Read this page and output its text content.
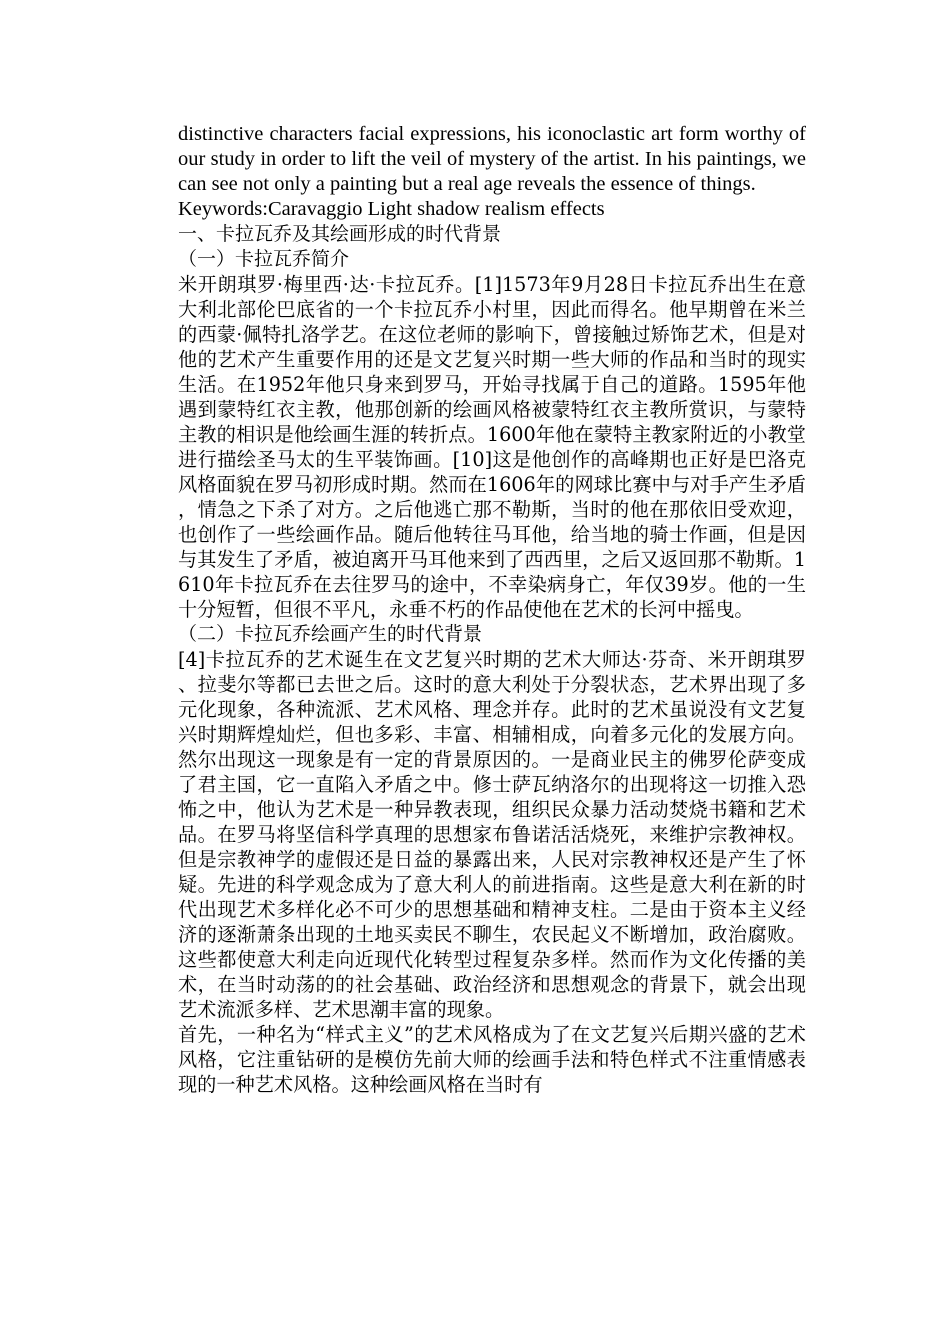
distinctive characters facial expressions, his iconoclastic art form worthy of our study in order to lift the veil of mystery of the artist. In his paintings, we can see not only a painting but a real age reveals the essence of things.

Keywords:Caravaggio Light shadow realism effects

一、卡拉瓦乔及其绘画形成的时代背景

（一）卡拉瓦乔简介

米开朗琪罗·梅里西·达·卡拉瓦乔。[1]1573年9月28日卡拉瓦乔出生在意大利北部伦巴底省的一个卡拉瓦乔小村里，因此而得名。他早期曾在米兰的西蒙·佩特扎洛学艺。在这位老师的影响下，曾接触过矫饰艺术，但是对他的艺术产生重要作用的还是文艺复兴时期一些大师的作品和当时的现实生活。在1952年他只身来到罗马，开始寻找属于自己的道路。1595年他遇到蒙特红衣主教，他那创新的绘画风格被蒙特红衣主教所赏识，与蒙特主教的相识是他绘画生涯的转折点。1600年他在蒙特主教家附近的小教堂进行描绘圣马太的生平装饰画。[10]这是他创作的高峰期也正好是巴洛克风格面貌在罗马初形成时期。然而在1606年的网球比赛中与对手产生矛盾，情急之下杀了对方。之后他逃亡那不勒斯，当时的他在那依旧受欢迎，也创作了一些绘画作品。随后他转往马耳他，给当地的骑士作画，但是因与其发生了矛盾，被迫离开马耳他来到了西西里，之后又返回那不勒斯。1610年卡拉瓦乔在去往罗马的途中，不幸染病身亡，年仅39岁。他的一生十分短暂，但很不平凡，永垂不朽的作品使他在艺术的长河中摇曳。

（二）卡拉瓦乔绘画产生的时代背景

[4]卡拉瓦乔的艺术诞生在文艺复兴时期的艺术大师达·芬奇、米开朗琪罗、拉斐尔等都已去世之后。这时的意大利处于分裂状态，艺术界出现了多元化现象，各种流派、艺术风格、理念并存。此时的艺术虽说没有文艺复兴时期辉煌灿烂，但也多彩、丰富、相辅相成，向着多元化的发展方向。然尔出现这一现象是有一定的背景原因的。一是商业民主的佛罗伦萨变成了君主国，它一直陷入矛盾之中。修士萨瓦纳洛尔的出现将这一切推入恐怖之中，他认为艺术是一种异教表现，组织民众暴力活动焚烧书籍和艺术品。在罗马将坚信科学真理的思想家布鲁诺活活烧死，来维护宗教神权。但是宗教神学的虚假还是日益的暴露出来，人民对宗教神权还是产生了怀疑。先进的科学观念成为了意大利人的前进指南。这些是意大利在新的时代出现艺术多样化必不可少的思想基础和精神支柱。二是由于资本主义经济的逐渐萧条出现的土地买卖民不聊生，农民起义不断增加，政治腐败。这些都使意大利走向近现代化转型过程复杂多样。然而作为文化传播的美术，在当时动荡的的社会基础、政治经济和思想观念的背景下，就会出现艺术流派多样、艺术思潮丰富的现象。

首先，一种名为“样式主义”的艺术风格成为了在文艺复兴后期兴盛的艺术风格，它注重钻研的是模仿先前大师的绘画手法和特色样式不注重情感表现的一种艺术风格。这种绘画风格在当时有
